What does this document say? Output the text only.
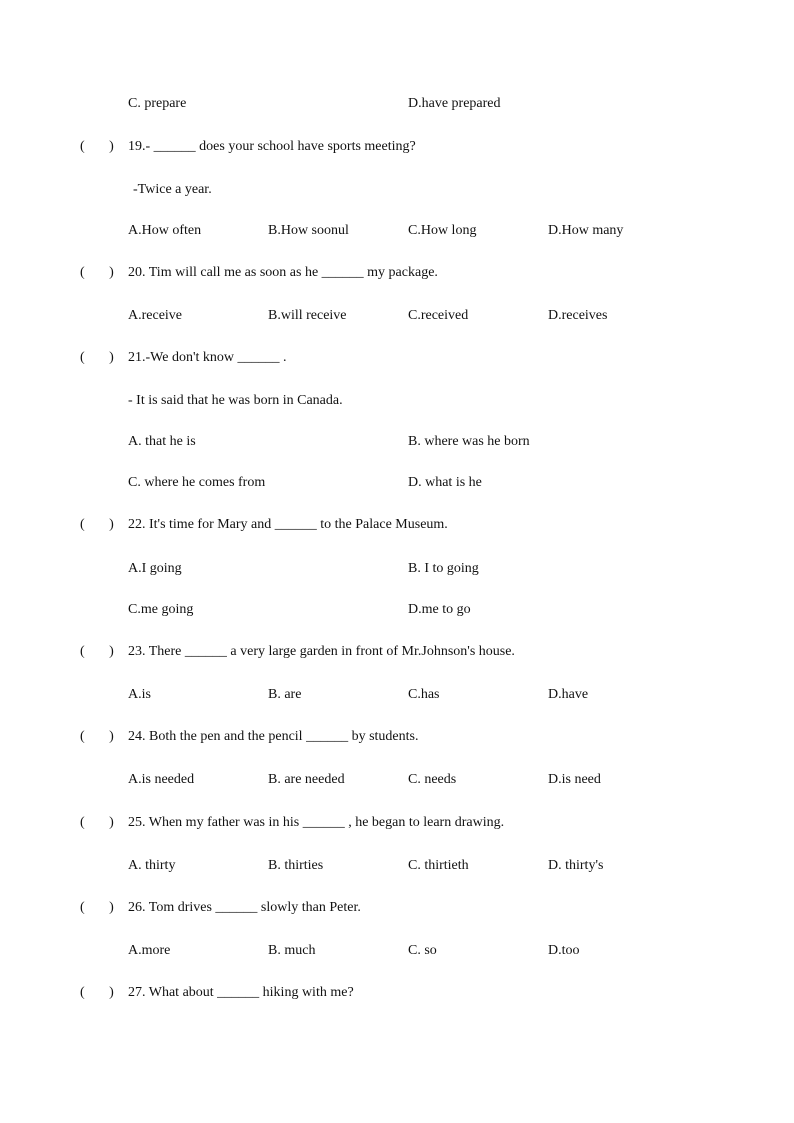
C. prepare	D.have prepared
(       ) 19.- ______ does your school have sports meeting?
-Twice a year.
A.How often	B.How soonul	C.How long	D.How many
(       ) 20. Tim will call me as soon as he ______ my package.
A.receive	B.will receive	C.received	D.receives
(       ) 21.-We don't know ______ .
- It is said that he was born in Canada.
A. that he is	B. where was he born
C. where he comes from	D. what is he
(       ) 22. It's time for Mary and ______ to the Palace Museum.
A.I going	B. I to going
C.me going	D.me to go
(       ) 23. There ______ a very large garden in front of Mr.Johnson's house.
A.is	B. are	C.has	D.have
(       ) 24. Both the pen and the pencil ______ by students.
A.is needed	B. are needed	C. needs	D.is need
(       ) 25. When my father was in his ______ , he began to learn drawing.
A. thirty	B. thirties	C. thirtieth	D. thirty's
(       ) 26. Tom drives ______ slowly than Peter.
A.more	B. much	C. so	D.too
(       ) 27. What about ______ hiking with me?
